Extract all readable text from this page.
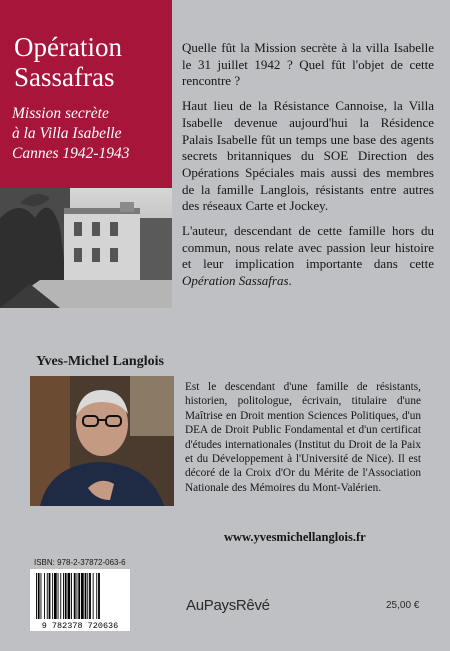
Opération Sassafras

Mission secrète

à la Villa Isabelle

Cannes 1942-1943

Quelle fût la Mission secrète à la villa Isabelle le 31 juillet 1942 ? Quel fût l'objet de cette rencontre ?

Haut lieu de la Résistance Cannoise, la Villa Isabelle devenue aujourd'hui la Résidence Palais Isabelle fût un temps une base des agents secrets britanniques du SOE Direction des Opérations Spéciales mais aussi des membres de la famille Langlois, résistants entre autres des réseaux Carte et Jockey.

L'auteur, descendant de cette famille hors du commun, nous relate avec passion leur histoire et leur implication importante dans cette Opération Sassafras.

Yves-Michel Langlois
Est le descendant d'une famille de résistants, historien, politologue, écrivain, titulaire d'une Maîtrise en Droit mention Sciences Politiques, d'un DEA de Droit Public Fondamental et d'un certificat d'études internationales (Institut du Droit de la Paix et du Développement à l'Université de Nice). Il est décoré de la Croix d'Or du Mérite de l'Association Nationale des Mémoires du Mont-Valérien.
www.yvesmichellanglois.fr
ISBN: 978-2-37872-063-6
9 782378 720636
AuPaysRêvé	25,00 €
